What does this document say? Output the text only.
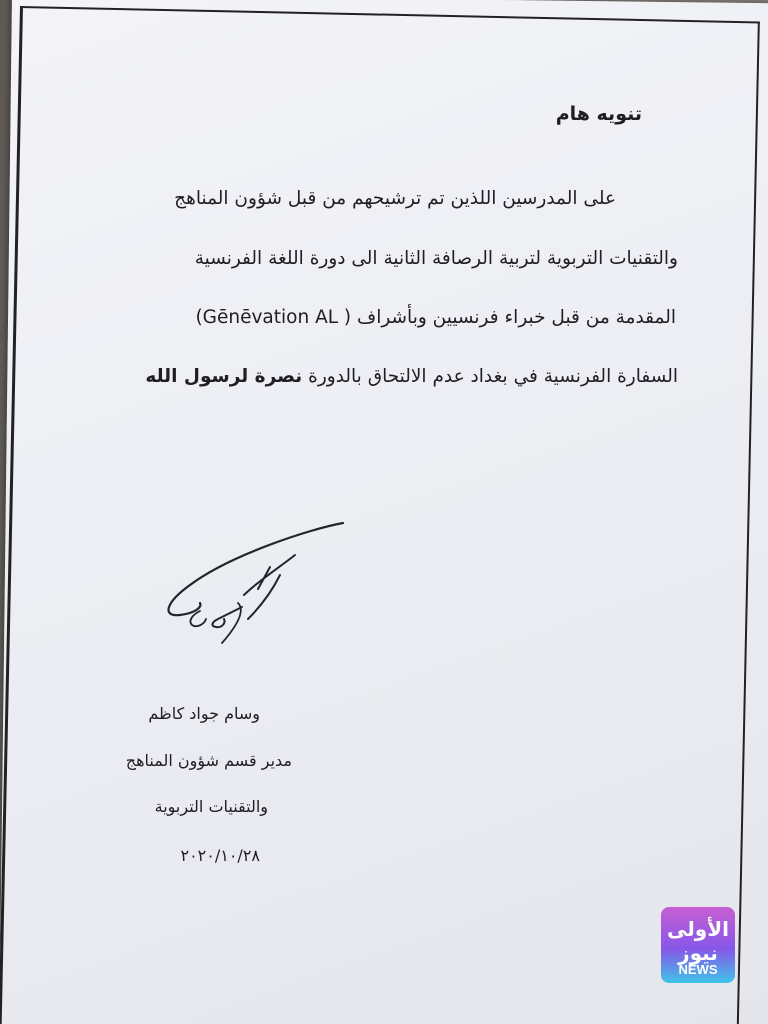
تنويه هام
على المدرسين اللذين تم ترشيحهم من قبل شؤون المناهج
والتقنيات التربوية لتربية الرصافة الثانية الى دورة اللغة الفرنسية
المقدمة من قبل خبراء فرنسيين وبأشراف ( Gēnēvation AL)
السفارة الفرنسية في بغداد عدم الالتحاق بالدورة نصرة لرسول الله
وسام جواد كاظم
مدير قسم شؤون المناهج
والتقنيات التربوية
٢٠٢٠/١٠/٢٨
الأولى نيوز
NEWS
